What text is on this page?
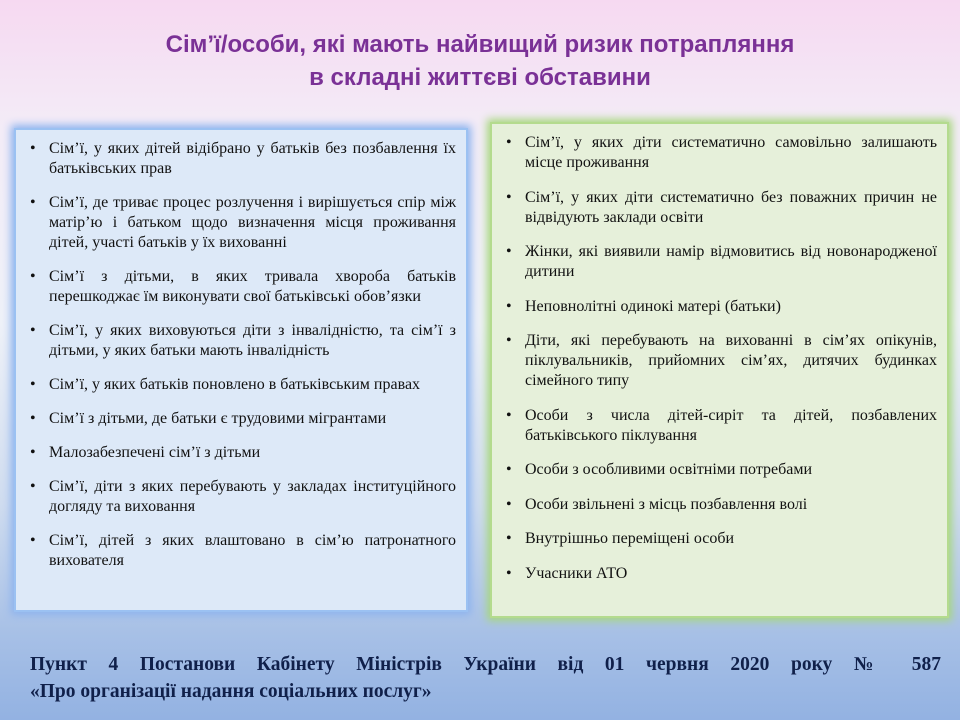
Сім’ї/особи, які мають найвищий ризик потрапляння
в складні життєві обставини
• Сім’ї, у яких дітей відібрано у батьків без позбавлення їх батьківських прав
• Сім’ї, де триває процес розлучення і вирішується спір між матір’ю і батьком щодо визначення місця проживання дітей, участі батьків у їх вихованні
• Сім’ї з дітьми, в яких тривала хвороба батьків перешкоджає їм виконувати свої батьківські обов’язки
• Сім’ї, у яких виховуються діти з інвалідністю, та сім’ї з дітьми, у яких батьки мають інвалідність
• Сім’ї, у яких батьків поновлено в батьківським правах
• Сім’ї з дітьми, де батьки є трудовими мігрантами
• Малозабезпечені сім’ї з дітьми
• Сім’ї, діти з яких перебувають у закладах інституційного догляду та виховання
• Сім’ї, дітей з яких влаштовано в сім’ю патронатного вихователя
• Сім’ї, у яких діти систематично самовільно залишають місце проживання
• Сім’ї, у яких діти систематично без поважних причин не відвідують заклади освіти
• Жінки, які виявили намір відмовитись від новонародженої дитини
• Неповнолітні одинокі матері (батьки)
• Діти, які перебувають на вихованні в сім’ях опікунів, піклувальників, прийомних сім’ях, дитячих будинках сімейного типу
• Особи з числа дітей-сиріт та дітей, позбавлених батьківського піклування
• Особи з особливими освітніми потребами
• Особи звільнені з місць позбавлення волі
• Внутрішньо переміщені особи
• Учасники АТО
Пункт 4 Постанови Кабінету Міністрів України від 01 червня 2020 року № 587
«Про організації надання соціальних послуг»
